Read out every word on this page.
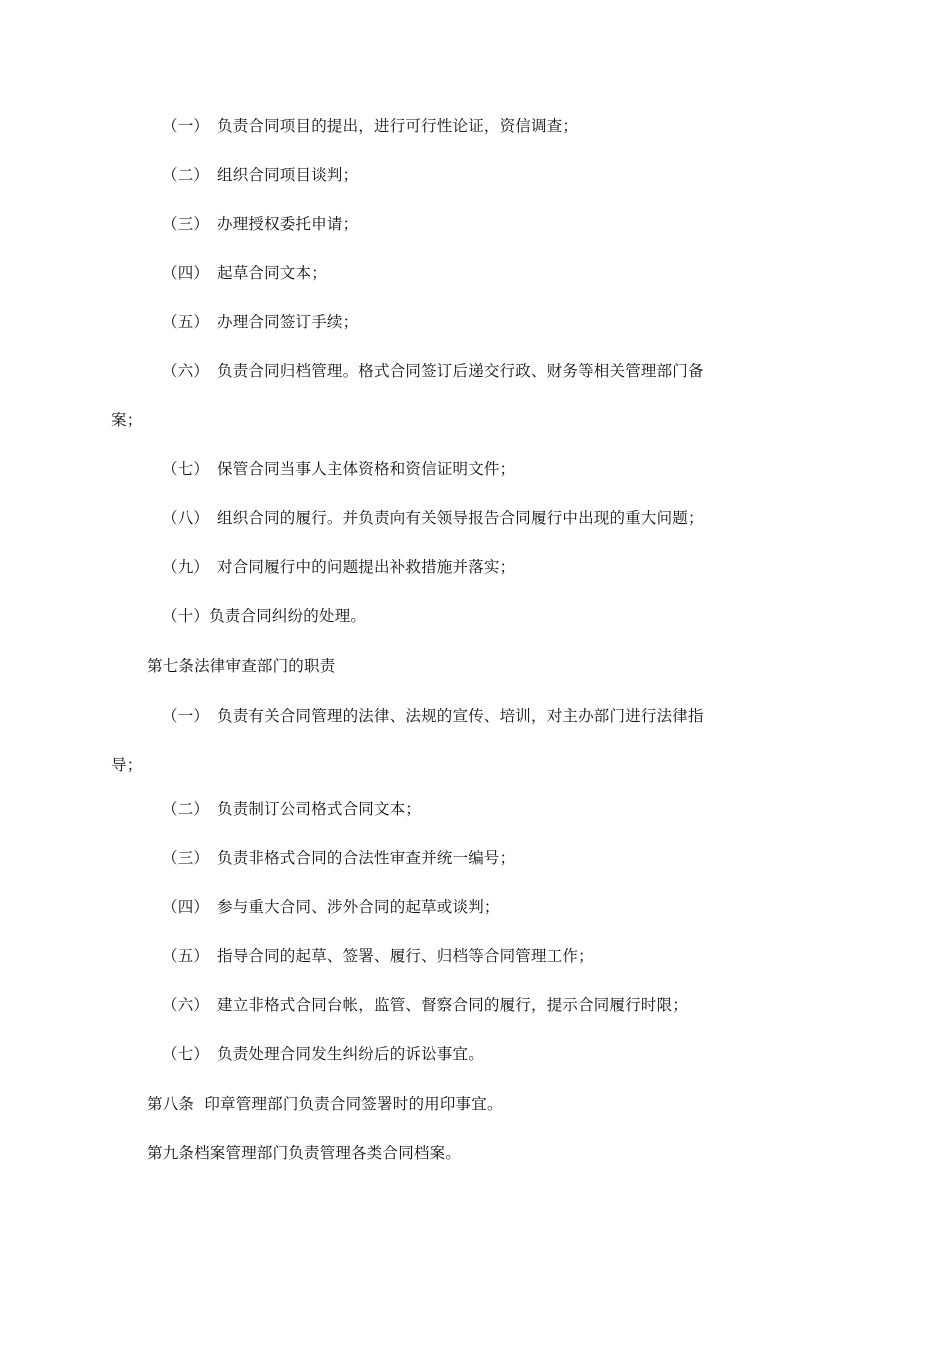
（一） 负责合同项目的提出，进行可行性论证，资信调查；
（二） 组织合同项目谈判；
（三） 办理授权委托申请；
（四） 起草合同文本；
（五） 办理合同签订手续；
（六） 负责合同归档管理。格式合同签订后递交行政、财务等相关管理部门备
案；
（七） 保管合同当事人主体资格和资信证明文件；
（八） 组织合同的履行。并负责向有关领导报告合同履行中出现的重大问题；
（九） 对合同履行中的问题提出补救措施并落实；
（十）负责合同纠纷的处理。
第七条法律审查部门的职责
（一） 负责有关合同管理的法律、法规的宣传、培训，对主办部门进行法律指
导；
（二） 负责制订公司格式合同文本；
（三） 负责非格式合同的合法性审查并统一编号；
（四） 参与重大合同、涉外合同的起草或谈判；
（五） 指导合同的起草、签署、履行、归档等合同管理工作；
（六） 建立非格式合同台帐，监管、督察合同的履行，提示合同履行时限；
（七） 负责处理合同发生纠纷后的诉讼事宜。
第八条  印章管理部门负责合同签署时的用印事宜。
第九条档案管理部门负责管理各类合同档案。
